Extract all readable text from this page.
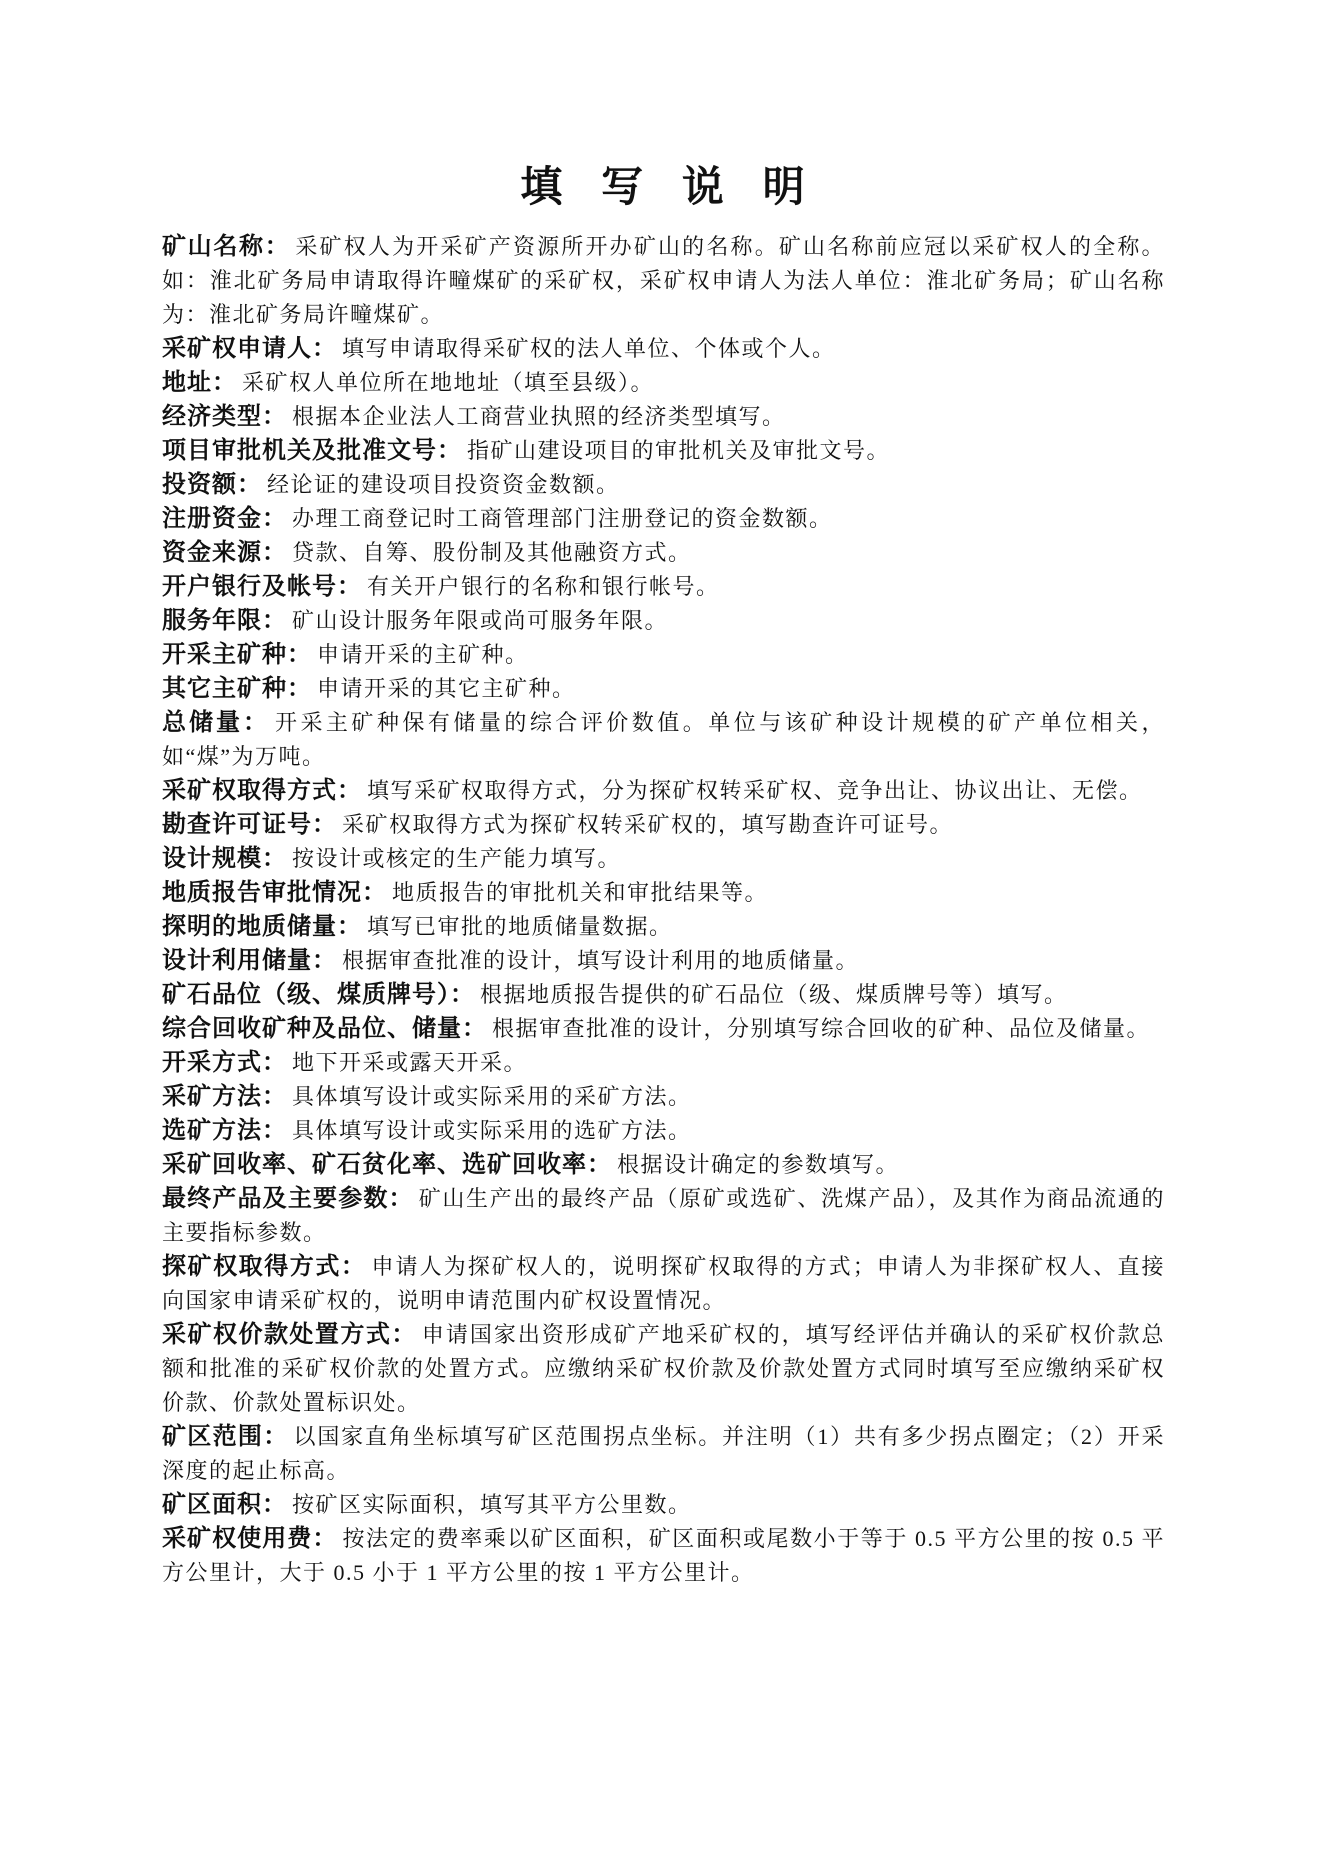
填 写 说 明

矿山名称： 采矿权人为开采矿产资源所开办矿山的名称。矿山名称前应冠以采矿权人的全称。如：淮北矿务局申请取得许疃煤矿的采矿权，采矿权申请人为法人单位：淮北矿务局；矿山名称为：淮北矿务局许疃煤矿。

采矿权申请人： 填写申请取得采矿权的法人单位、个体或个人。

地址： 采矿权人单位所在地地址（填至县级）。

经济类型： 根据本企业法人工商营业执照的经济类型填写。

项目审批机关及批准文号： 指矿山建设项目的审批机关及审批文号。

投资额： 经论证的建设项目投资资金数额。

注册资金： 办理工商登记时工商管理部门注册登记的资金数额。

资金来源： 贷款、自筹、股份制及其他融资方式。

开户银行及帐号： 有关开户银行的名称和银行帐号。

服务年限： 矿山设计服务年限或尚可服务年限。

开采主矿种： 申请开采的主矿种。

其它主矿种： 申请开采的其它主矿种。

总储量： 开采主矿种保有储量的综合评价数值。单位与该矿种设计规模的矿产单位相关，如“煤”为万吨。

采矿权取得方式： 填写采矿权取得方式，分为探矿权转采矿权、竞争出让、协议出让、无偿。

勘查许可证号： 采矿权取得方式为探矿权转采矿权的，填写勘查许可证号。

设计规模： 按设计或核定的生产能力填写。

地质报告审批情况： 地质报告的审批机关和审批结果等。

探明的地质储量： 填写已审批的地质储量数据。

设计利用储量： 根据审查批准的设计，填写设计利用的地质储量。

矿石品位（级、煤质牌号）： 根据地质报告提供的矿石品位（级、煤质牌号等）填写。

综合回收矿种及品位、储量： 根据审查批准的设计，分别填写综合回收的矿种、品位及储量。

开采方式： 地下开采或露天开采。

采矿方法： 具体填写设计或实际采用的采矿方法。

选矿方法： 具体填写设计或实际采用的选矿方法。

采矿回收率、矿石贫化率、选矿回收率： 根据设计确定的参数填写。

最终产品及主要参数： 矿山生产出的最终产品（原矿或选矿、洗煤产品），及其作为商品流通的主要指标参数。

探矿权取得方式： 申请人为探矿权人的，说明探矿权取得的方式；申请人为非探矿权人、直接向国家申请采矿权的，说明申请范围内矿权设置情况。

采矿权价款处置方式： 申请国家出资形成矿产地采矿权的，填写经评估并确认的采矿权价款总额和批准的采矿权价款的处置方式。应缴纳采矿权价款及价款处置方式同时填写至应缴纳采矿权价款、价款处置标识处。

矿区范围： 以国家直角坐标填写矿区范围拐点坐标。并注明（1）共有多少拐点圈定；（2）开采深度的起止标高。

矿区面积： 按矿区实际面积，填写其平方公里数。

采矿权使用费： 按法定的费率乘以矿区面积，矿区面积或尾数小于等于 0.5 平方公里的按 0.5 平方公里计，大于 0.5 小于 1 平方公里的按 1 平方公里计。
